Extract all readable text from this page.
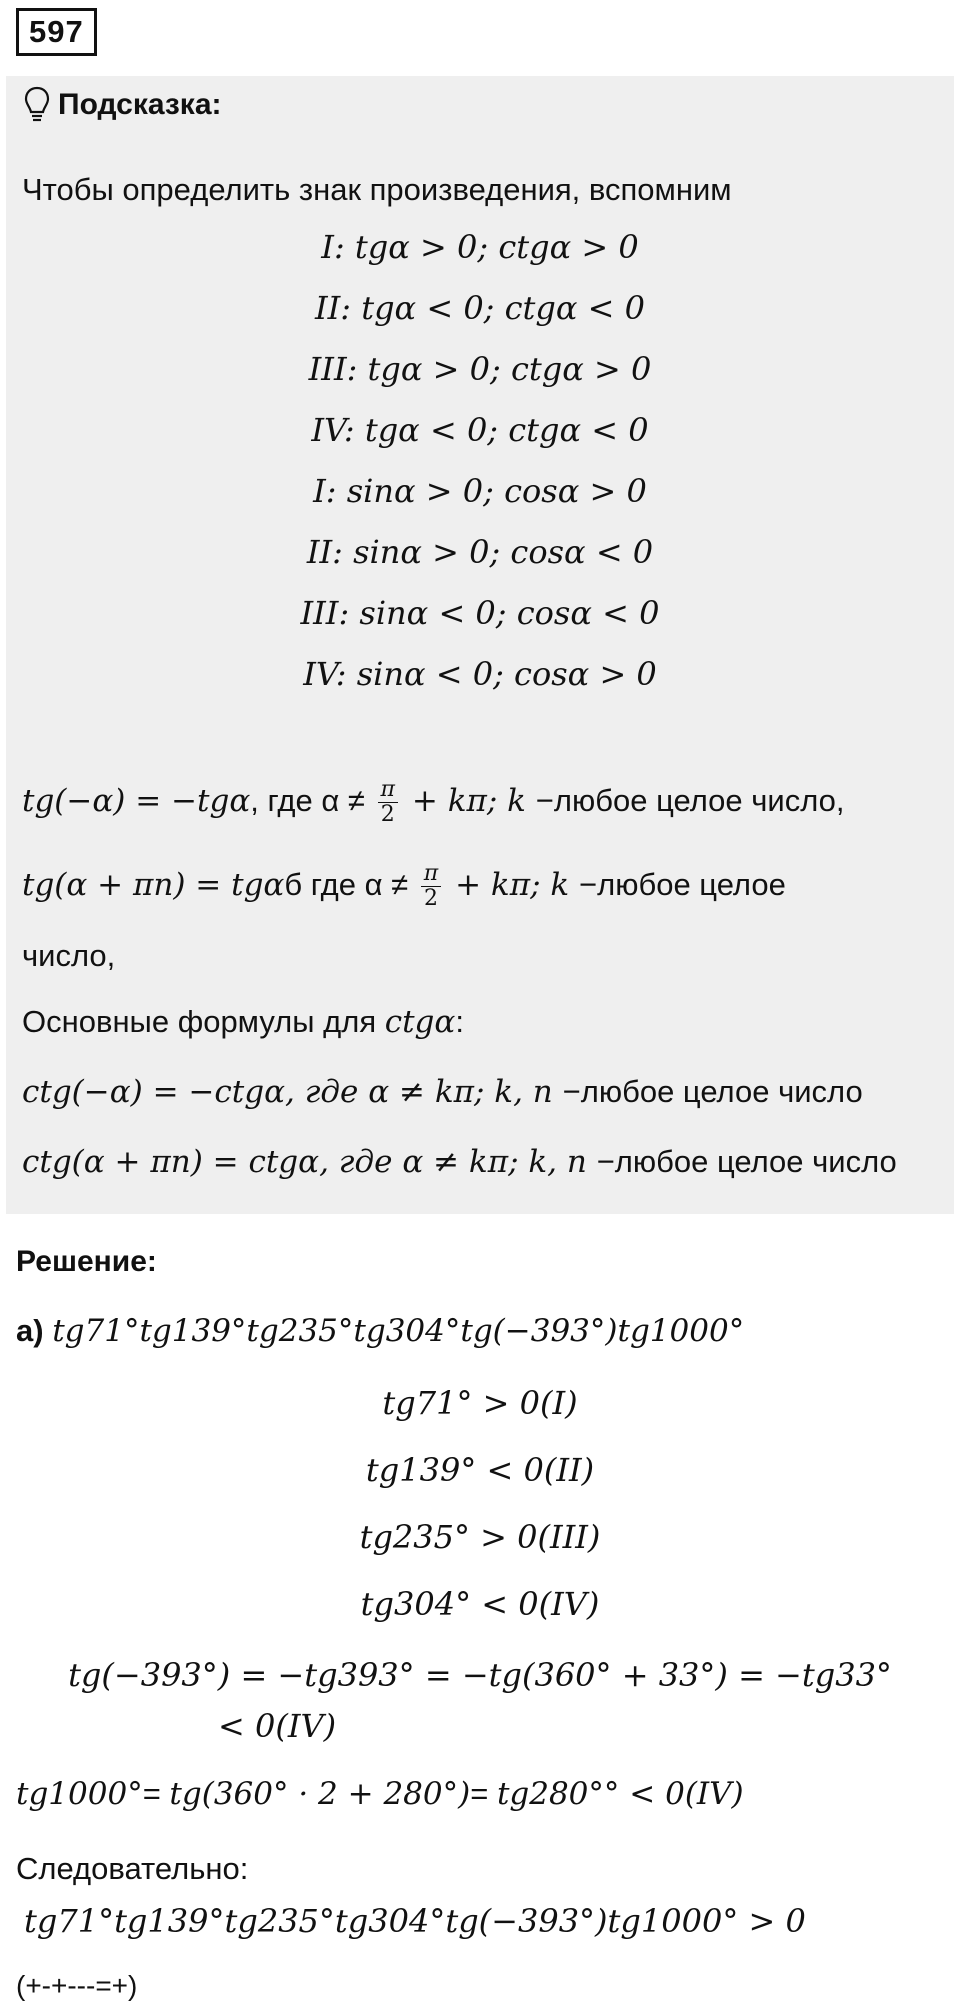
597
Подсказка:
Чтобы определить знак произведения, вспомним
I: tgα > 0; ctgα > 0
II: tgα < 0; ctgα < 0
III: tgα > 0; ctgα > 0
IV: tgα < 0; ctgα < 0
I: sinα > 0; cosα > 0
II: sinα > 0; cosα < 0
III: sinα < 0; cosα < 0
IV: sinα < 0; cosα > 0
tg(−α) = −tgα, где $\alpha \ne \frac{\pi}{2} + k\pi$; k −любое целое число,
tg(α + πn) = tgαб где $\alpha \ne \frac{\pi}{2} + k\pi$; k −любое целое
число,
Основные формулы для ctgα:
ctg(−α) = −ctgα, где α ≠ kπ; k, n −любое целое число
ctg(α + πn) = ctgα, где α ≠ kπ; k, n −любое целое число
Решение:
а) tg71°tg139°tg235°tg304°tg(−393°)tg1000°
tg71° > 0(I)
tg139° < 0(II)
tg235° > 0(III)
tg304° < 0(IV)
tg(−393°) = −tg393° = −tg(360° + 33°) = −tg33°
< 0(IV)
tg1000°= tg(360° · 2 + 280°)= tg280°° < 0(IV)
Следовательно:
tg71°tg139°tg235°tg304°tg(−393°)tg1000° > 0
(+-+---=+)
